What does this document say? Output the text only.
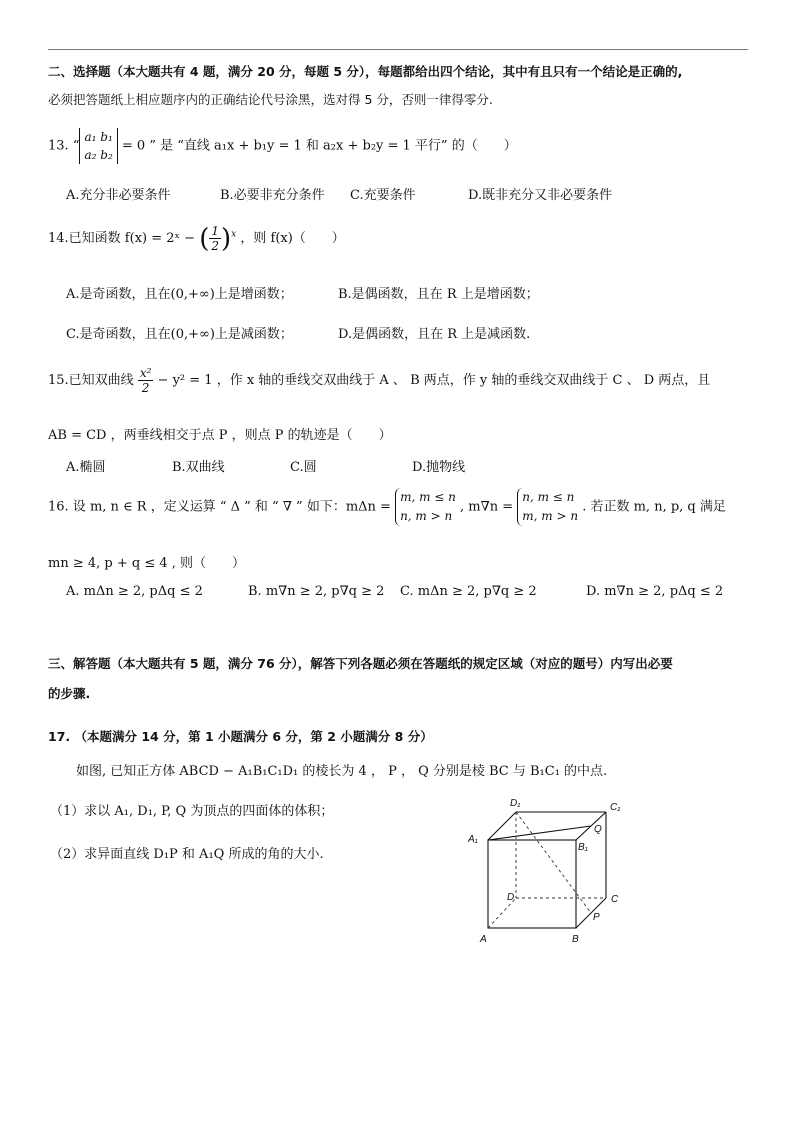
二、选择题（本大题共有 4 题，满分 20 分，每题 5 分），每题都给出四个结论，其中有且只有一个结论是正确的,
必须把答题纸上相应题序内的正确结论代号涂黑，选对得 5 分，否则一律得零分.
13. “
a₁ b₁
a₂ b₂
= 0 ” 是 “直线 a₁x + b₁y = 1 和 a₂x + b₂y = 1 平行” 的（　　）
A.充分非必要条件	B.必要非充分条件 C.充要条件	D.既非充分又非必要条件
14.已知函数 f(x) = 2ˣ − ( $\frac{1}{2})^x$ ，则 f(x)（　　）
A.是奇函数，且在(0,+∞)上是增函数；	B.是偶函数，且在 R 上是增函数；
C.是奇函数，且在(0,+∞)上是减函数；	D.是偶函数，且在 R 上是减函数.
15.已知双曲线 $\frac{\text{x²}}{2} - y^2 = 1$ ，作 x 轴的垂线交双曲线于 A 、 B 两点，作 y 轴的垂线交双曲线于 C 、 D 两点，且
AB = CD ，两垂线相交于点 P ，则点 P 的轨迹是（　　）
A.椭圆	B.双曲线	C.圆	D.抛物线
16. 设 m, n ∈ R ，定义运算 “ Δ ” 和 “ ∇ ” 如下：mΔn =
m, m ≤ n
n, m > n
, m∇n =
n, m ≤ n
m, m > n
. 若正数 m, n, p, q 满足
mn ≥ 4, p + q ≤ 4 , 则（　　）
A. mΔn ≥ 2, pΔq ≤ 2	B. m∇n ≥ 2, p∇q ≥ 2 C. mΔn ≥ 2, p∇q ≥ 2	D. m∇n ≥ 2, pΔq ≤ 2
三、解答题（本大题共有 5 题，满分 76 分），解答下列各题必须在答题纸的规定区域（对应的题号）内写出必要
的步骤.
17. （本题满分 14 分，第 1 小题满分 6 分，第 2 小题满分 8 分）
如图, 已知正方体 ABCD − A₁B₁C₁D₁ 的棱长为 4 ， P ， Q 分别是棱 BC 与 B₁C₁ 的中点.
（1）求以 A₁, D₁, P, Q 为顶点的四面体的体积；
（2）求异面直线 D₁P 和 A₁Q 所成的角的大小.
D₁	C₁
A₁
B₁
Q
D	C
P
A	B
